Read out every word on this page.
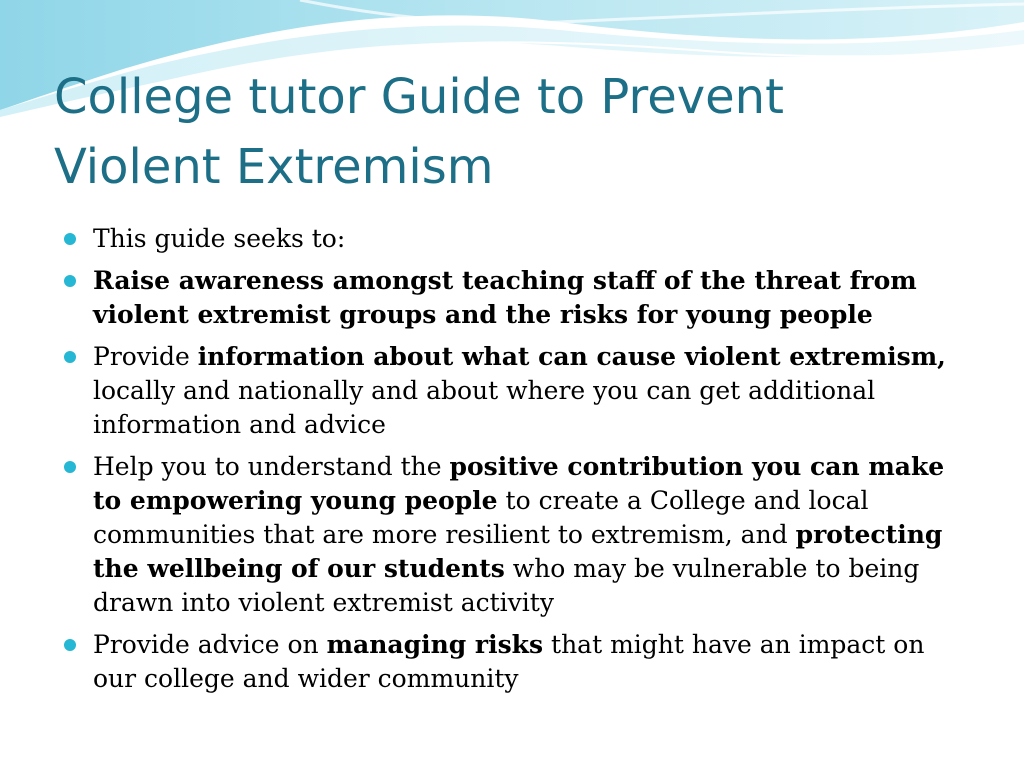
College tutor Guide to Prevent
Violent Extremism
This guide seeks to:
Raise awareness amongst teaching staff of the threat from violent extremist groups and the risks for young people
Provide information about what can cause violent extremism, locally and nationally and about where you can get additional information and advice
Help you to understand the positive contribution you can make to empowering young people to create a College and local communities that are more resilient to extremism, and protecting the wellbeing of our students who may be vulnerable to being drawn into violent extremist activity
Provide advice on managing risks that might have an impact on our college and wider community
